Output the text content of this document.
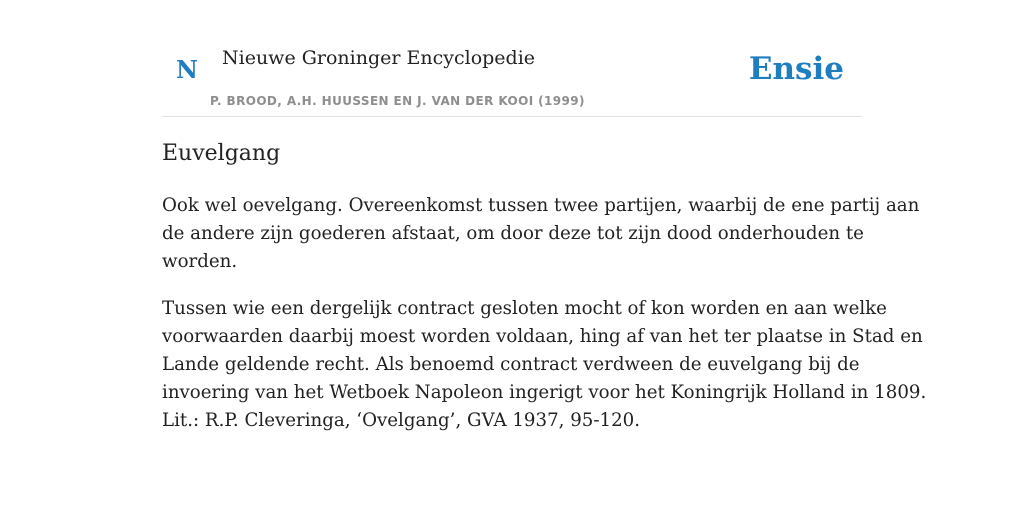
N Nieuwe Groninger Encyclopedie
P. BROOD, A.H. HUUSSEN EN J. VAN DER KOOI (1999)
Ensie
Euvelgang

Ook wel oevelgang. Overeenkomst tussen twee partijen, waarbij de ene partij aan
de andere zijn goederen afstaat, om door deze tot zijn dood onderhouden te
worden.

Tussen wie een dergelijk contract gesloten mocht of kon worden en aan welke
voorwaarden daarbij moest worden voldaan, hing af van het ter plaatse in Stad en
Lande geldende recht. Als benoemd contract verdween de euvelgang bij de
invoering van het Wetboek Napoleon ingerigt voor het Koningrijk Holland in 1809.
Lit.: R.P. Cleveringa, ‘Ovelgang’, GVA 1937, 95-120.
